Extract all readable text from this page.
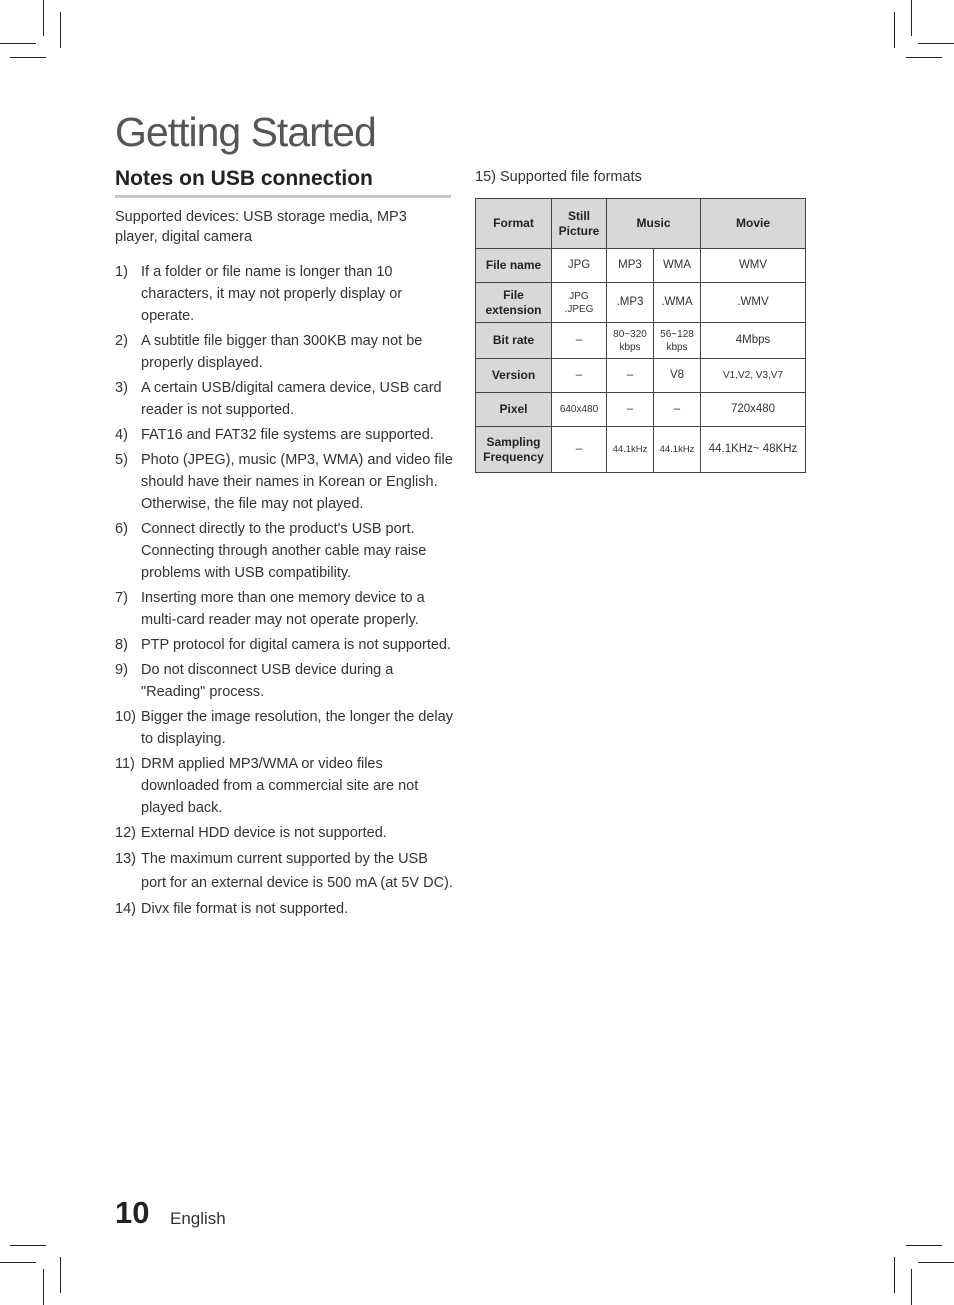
Getting Started
Notes on USB connection
Supported devices: USB storage media, MP3 player, digital camera
1) If a folder or file name is longer than 10 characters, it may not properly display or operate.
2) A subtitle file bigger than 300KB may not be properly displayed.
3) A certain USB/digital camera device, USB card reader is not supported.
4) FAT16 and FAT32 file systems are supported.
5) Photo (JPEG), music (MP3, WMA) and video file should have their names in Korean or English. Otherwise, the file may not played.
6) Connect directly to the product's USB port. Connecting through another cable may raise problems with USB compatibility.
7) Inserting more than one memory device to a multi-card reader may not operate properly.
8) PTP protocol for digital camera is not supported.
9) Do not disconnect USB device during a "Reading" process.
10) Bigger the image resolution, the longer the delay to displaying.
11) DRM applied MP3/WMA or video files downloaded from a commercial site are not played back.
12) External HDD device is not supported.
13) The maximum current supported by the USB port for an external device is 500 mA (at 5V DC).
14) Divx file format is not supported.
15) Supported file formats
Format	Still Picture	Music		Movie
File name	JPG	MP3	WMA	WMV
File extension	JPG .JPEG	.MP3	.WMA	.WMV
Bit rate	–	80~320 kbps	56~128 kbps	4Mbps
Version	–	–	V8	V1,V2, V3,V7
Pixel	640x480	–	–	720x480
Sampling Frequency	–	44.1kHz	44.1kHz	44.1KHz~ 48KHz
10 English
